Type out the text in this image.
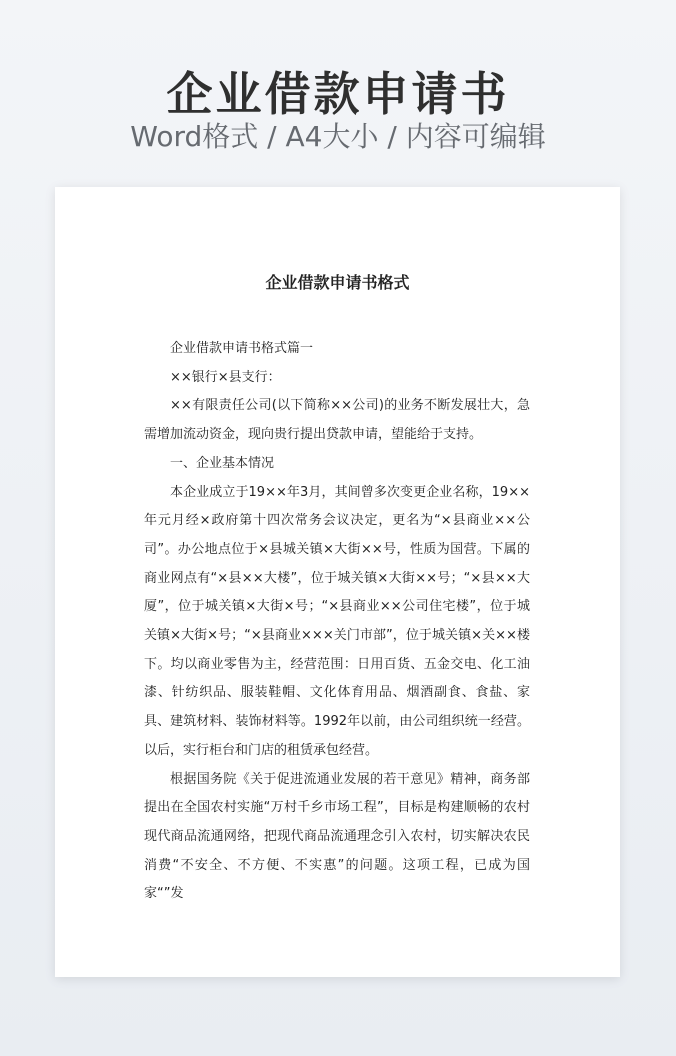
企业借款申请书
Word格式 / A4大小 / 内容可编辑
企业借款申请书格式

企业借款申请书格式篇一

××银行×县支行：

××有限责任公司(以下简称××公司)的业务不断发展壮大，急需增加流动资金，现向贵行提出贷款申请，望能给于支持。

一、企业基本情况

本企业成立于19××年3月，其间曾多次变更企业名称，19××年元月经×政府第十四次常务会议决定，更名为“×县商业××公司”。办公地点位于×县城关镇×大街××号，性质为国营。下属的商业网点有“×县××大楼”，位于城关镇×大街××号；“×县××大厦”，位于城关镇×大街×号；“×县商业××公司住宅楼”，位于城关镇×大街×号；“×县商业×××关门市部”，位于城关镇×关××楼下。均以商业零售为主，经营范围：日用百货、五金交电、化工油漆、针纺织品、服装鞋帽、文化体育用品、烟酒副食、食盐、家具、建筑材料、装饰材料等。1992年以前，由公司组织统一经营。以后，实行柜台和门店的租赁承包经营。

根据国务院《关于促进流通业发展的若干意见》精神，商务部提出在全国农村实施“万村千乡市场工程”，目标是构建顺畅的农村现代商品流通网络，把现代商品流通理念引入农村，切实解决农民消费“不安全、不方便、不实惠”的问题。这项工程，已成为国家“”发
